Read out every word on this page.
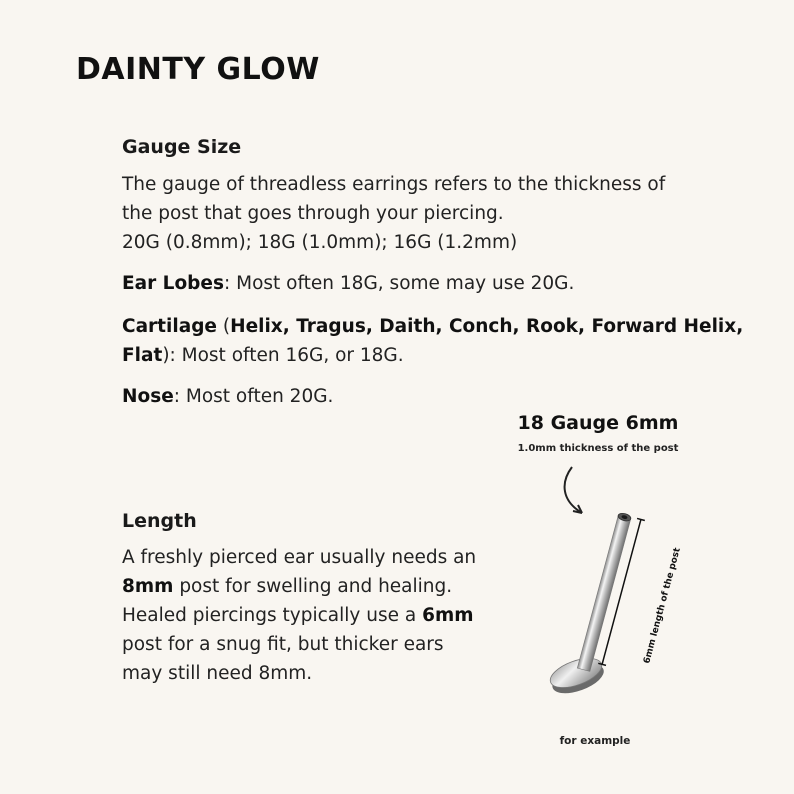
DAINTY GLOW
Gauge Size

The gauge of threadless earrings refers to the thickness of
the post that goes through your piercing.
20G (0.8mm); 18G (1.0mm); 16G (1.2mm)

Ear Lobes: Most often 18G, some may use 20G.

Cartilage (Helix, Tragus, Daith, Conch, Rook, Forward Helix,
Flat): Most often 16G, or 18G.

Nose: Most often 20G.

Length

A freshly pierced ear usually needs an
8mm post for swelling and healing.
Healed piercings typically use a 6mm
post for a snug fit, but thicker ears
may still need 8mm.

18 Gauge 6mm
1.0mm thickness of the post
6mm length of the post
for example
